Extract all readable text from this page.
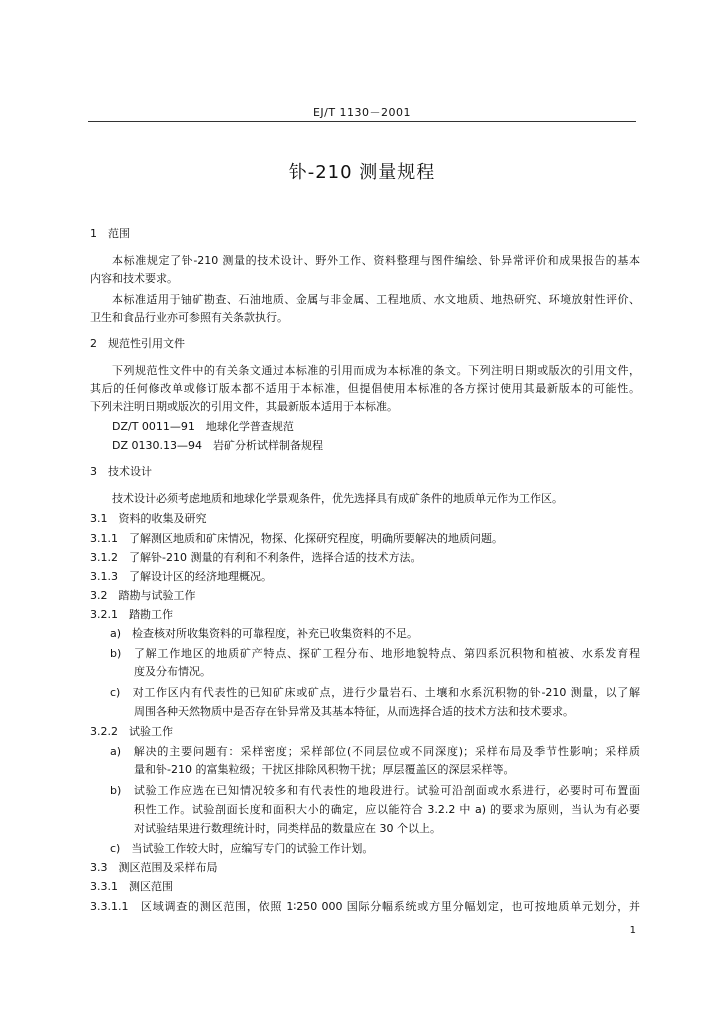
EJ/T 1130－2001
钋-210 测量规程
1　范围
本标准规定了钋-210 测量的技术设计、野外工作、资料整理与图件编绘、钋异常评价和成果报告的基本
内容和技术要求。
本标准适用于铀矿勘查、石油地质、金属与非金属、工程地质、水文地质、地热研究、环境放射性评价、
卫生和食品行业亦可参照有关条款执行。
2　规范性引用文件
下列规范性文件中的有关条文通过本标准的引用而成为本标准的条文。下列注明日期或版次的引用文件，
其后的任何修改单或修订版本都不适用于本标准，但提倡使用本标准的各方探讨使用其最新版本的可能性。
下列未注明日期或版次的引用文件，其最新版本适用于本标准。
DZ/T 0011—91　地球化学普查规范
DZ 0130.13—94　岩矿分析试样制备规程
3　技术设计
技术设计必须考虑地质和地球化学景观条件，优先选择具有成矿条件的地质单元作为工作区。
3.1　资料的收集及研究
3.1.1　了解测区地质和矿床情况，物探、化探研究程度，明确所要解决的地质问题。
3.1.2　了解钋-210 测量的有利和不利条件，选择合适的技术方法。
3.1.3　了解设计区的经济地理概况。
3.2　踏勘与试验工作
3.2.1　踏勘工作
a)　检查核对所收集资料的可靠程度，补充已收集资料的不足。
b)　了解工作地区的地质矿产特点、探矿工程分布、地形地貌特点、第四系沉积物和植被、水系发育程
度及分布情况。
c)　对工作区内有代表性的已知矿床或矿点，进行少量岩石、土壤和水系沉积物的钋-210 测量，以了解
周围各种天然物质中是否存在钋异常及其基本特征，从而选择合适的技术方法和技术要求。
3.2.2　试验工作
a)　解决的主要问题有：采样密度；采样部位(不同层位或不同深度)；采样布局及季节性影响；采样质
量和钋-210 的富集粒级；干扰区排除风积物干扰；厚层覆盖区的深层采样等。
b)　试验工作应选在已知情况较多和有代表性的地段进行。试验可沿剖面或水系进行，必要时可布置面
积性工作。试验剖面长度和面积大小的确定，应以能符合 3.2.2 中 a) 的要求为原则，当认为有必要
对试验结果进行数理统计时，同类样品的数量应在 30 个以上。
c)　当试验工作较大时，应编写专门的试验工作计划。
3.3　测区范围及采样布局
3.3.1　测区范围
3.3.1.1　区域调查的测区范围，依照 1∶250 000 国际分幅系统或方里分幅划定，也可按地质单元划分，并
1
